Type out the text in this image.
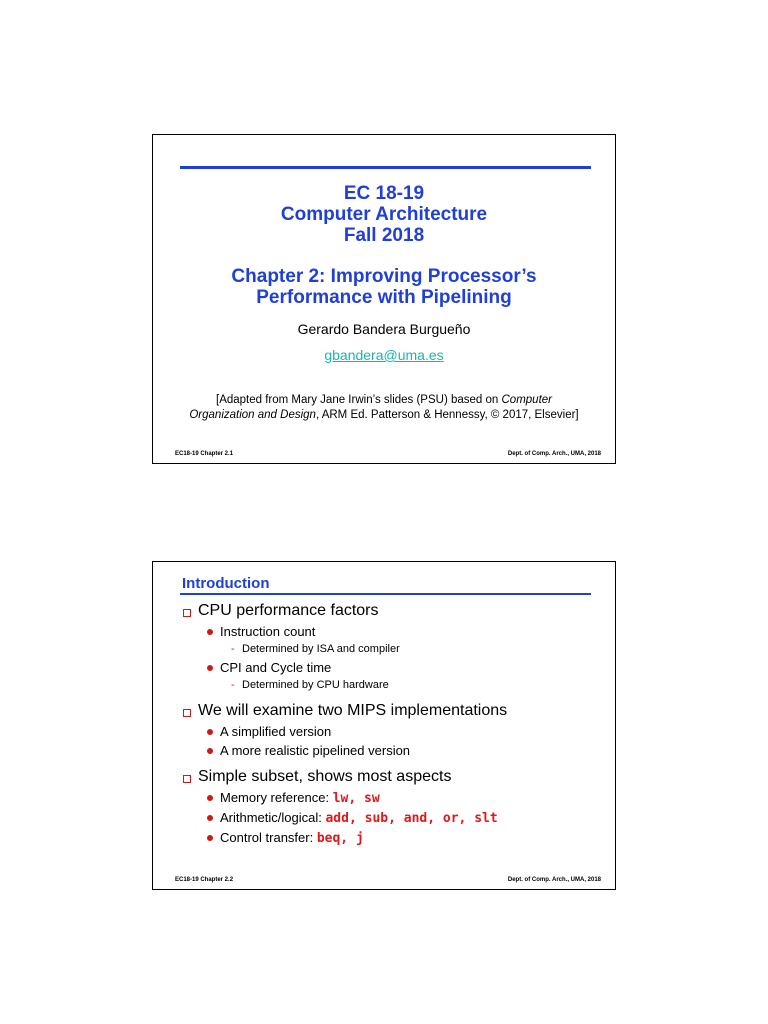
EC 18-19
Computer Architecture
Fall 2018
Chapter 2: Improving Processor’s
Performance with Pipelining
Gerardo Bandera Burgueño
gbandera@uma.es
[Adapted from Mary Jane Irwin’s slides (PSU) based on Computer
Organization and Design, ARM Ed. Patterson & Hennessy, © 2017, Elsevier]
EC18-19 Chapter 2.1	Dept. of Comp. Arch., UMA, 2018
Introduction
CPU performance factors
Instruction count
- Determined by ISA and compiler
CPI and Cycle time
- Determined by CPU hardware
We will examine two MIPS implementations
A simplified version
A more realistic pipelined version
Simple subset, shows most aspects
Memory reference: lw, sw
Arithmetic/logical: add, sub, and, or, slt
Control transfer: beq, j
EC18-19 Chapter 2.2	Dept. of Comp. Arch., UMA, 2018
